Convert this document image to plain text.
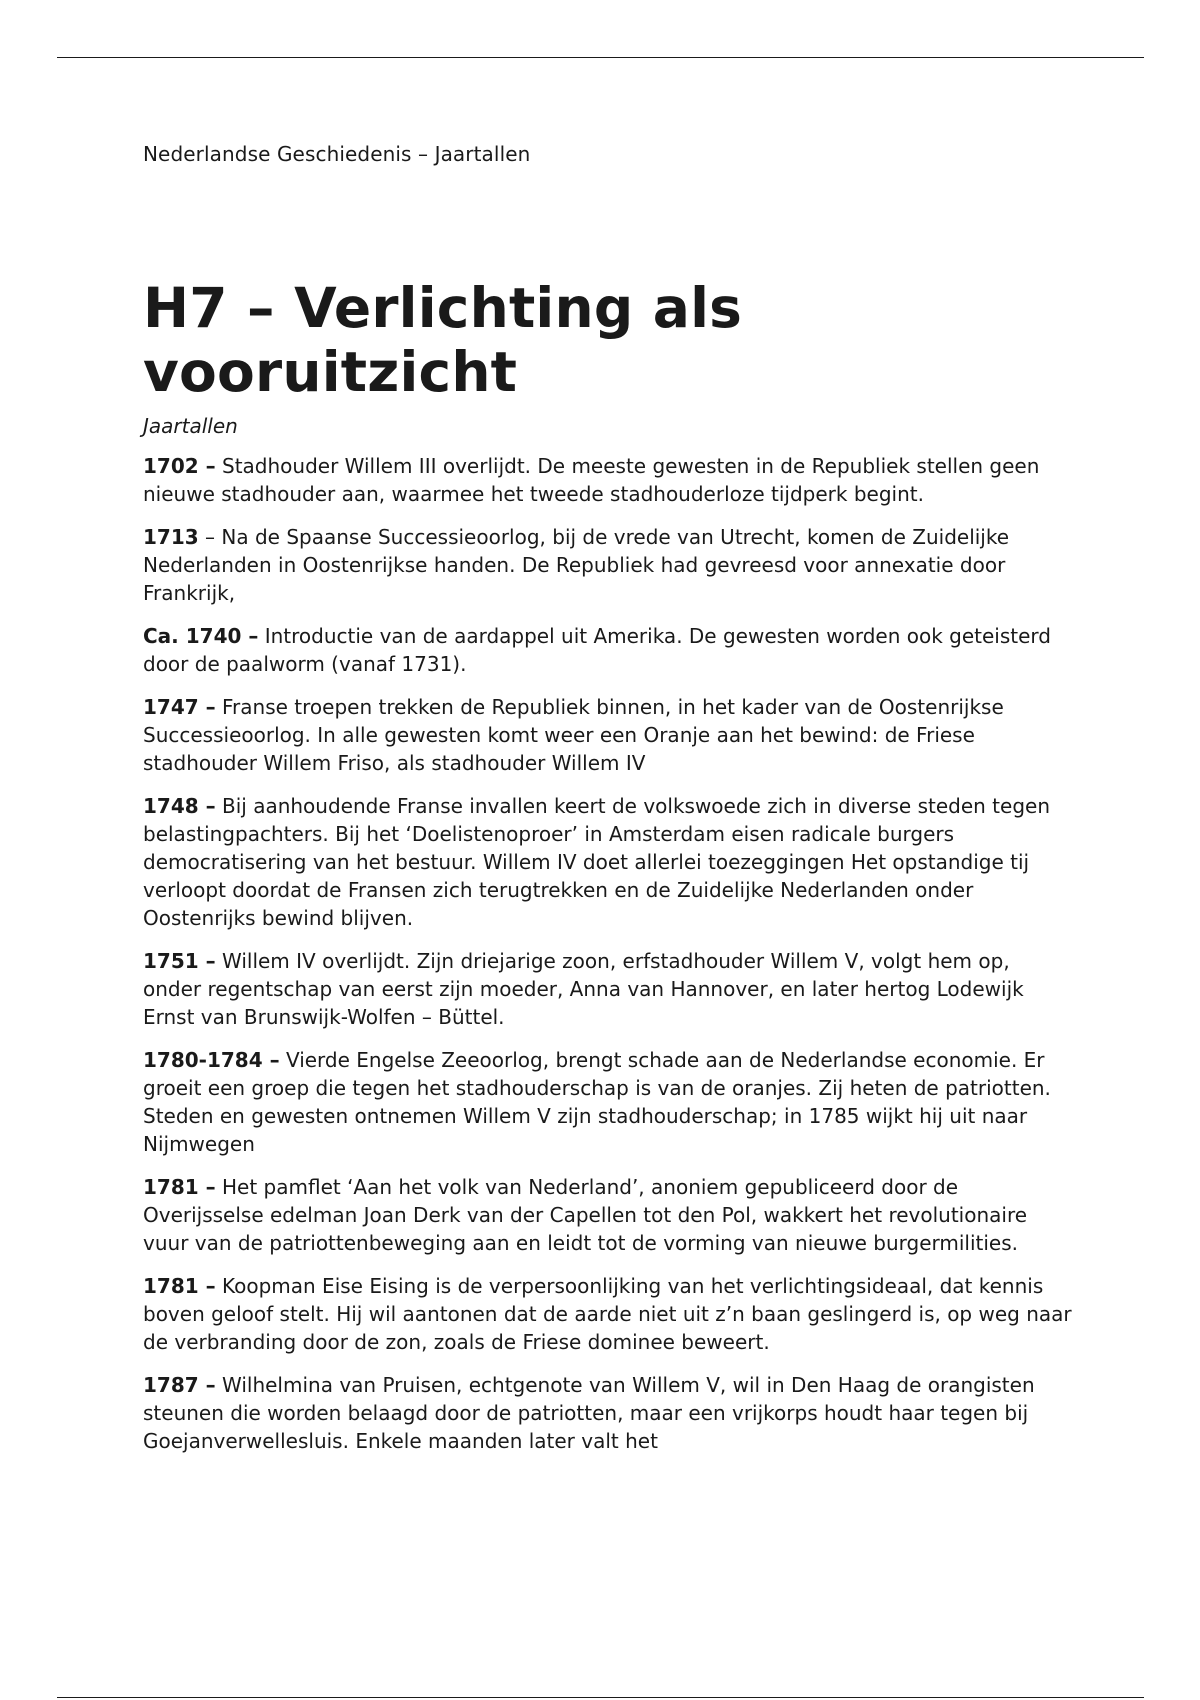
Nederlandse Geschiedenis – Jaartallen

H7 – Verlichting als vooruitzicht

Jaartallen

1702 – Stadhouder Willem III overlijdt. De meeste gewesten in de Republiek stellen geen nieuwe stadhouder aan, waarmee het tweede stadhouderloze tijdperk begint.

1713 – Na de Spaanse Successieoorlog, bij de vrede van Utrecht, komen de Zuidelijke Nederlanden in Oostenrijkse handen. De Republiek had gevreesd voor annexatie door Frankrijk,

Ca. 1740 – Introductie van de aardappel uit Amerika. De gewesten worden ook geteisterd door de paalworm (vanaf 1731).

1747 – Franse troepen trekken de Republiek binnen, in het kader van de Oostenrijkse Successieoorlog. In alle gewesten komt weer een Oranje aan het bewind: de Friese stadhouder Willem Friso, als stadhouder Willem IV

1748 – Bij aanhoudende Franse invallen keert de volkswoede zich in diverse steden tegen belastingpachters. Bij het ‘Doelistenoproer’ in Amsterdam eisen radicale burgers democratisering van het bestuur. Willem IV doet allerlei toezeggingen Het opstandige tij verloopt doordat de Fransen zich terugtrekken en de Zuidelijke Nederlanden onder Oostenrijks bewind blijven.

1751 – Willem IV overlijdt. Zijn driejarige zoon, erfstadhouder Willem V, volgt hem op, onder regentschap van eerst zijn moeder, Anna van Hannover, en later hertog Lodewijk Ernst van Brunswijk-Wolfen – Büttel.

1780-1784 – Vierde Engelse Zeeoorlog, brengt schade aan de Nederlandse economie. Er groeit een groep die tegen het stadhouderschap is van de oranjes. Zij heten de patriotten. Steden en gewesten ontnemen Willem V zijn stadhouderschap; in 1785 wijkt hij uit naar Nijmwegen

1781 – Het pamflet ‘Aan het volk van Nederland’, anoniem gepubliceerd door de Overijsselse edelman Joan Derk van der Capellen tot den Pol, wakkert het revolutionaire vuur van de patriottenbeweging aan en leidt tot de vorming van nieuwe burgermilities.

1781 – Koopman Eise Eising is de verpersoonlijking van het verlichtingsideaal, dat kennis boven geloof stelt. Hij wil aantonen dat de aarde niet uit z’n baan geslingerd is, op weg naar de verbranding door de zon, zoals de Friese dominee beweert.

1787 – Wilhelmina van Pruisen, echtgenote van Willem V, wil in Den Haag de orangisten steunen die worden belaagd door de patriotten, maar een vrijkorps houdt haar tegen bij Goejanverwellesluis. Enkele maanden later valt het
